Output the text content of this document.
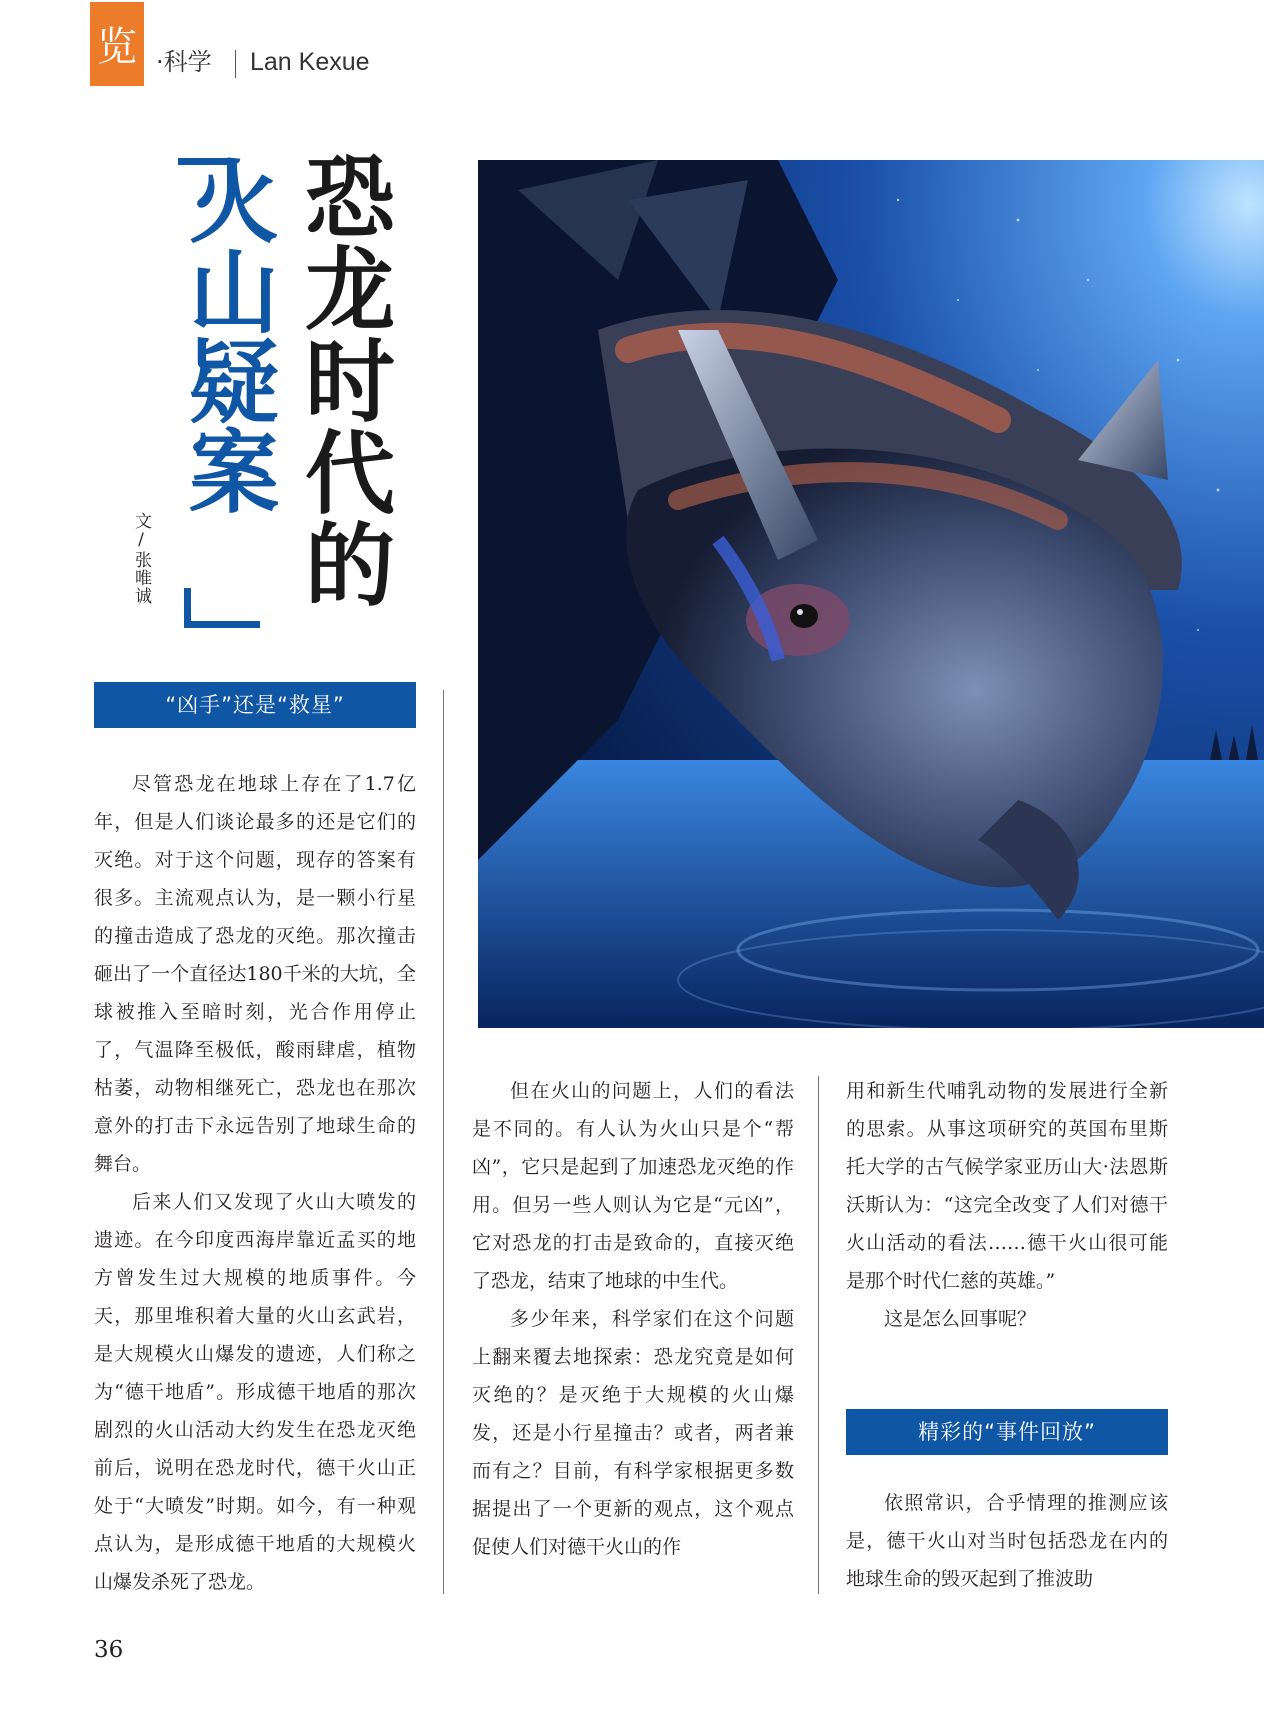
览 ·科学 Lan Kexue
恐龙时代的
火山疑案
文/张唯诚
“凶手”还是“救星”

尽管恐龙在地球上存在了1.7亿年，但是人们谈论最多的还是它们的灭绝。对于这个问题，现存的答案有很多。主流观点认为，是一颗小行星的撞击造成了恐龙的灭绝。那次撞击砸出了一个直径达180千米的大坑，全球被推入至暗时刻，光合作用停止了，气温降至极低，酸雨肆虐，植物枯萎，动物相继死亡，恐龙也在那次意外的打击下永远告别了地球生命的舞台。

后来人们又发现了火山大喷发的遗迹。在今印度西海岸靠近孟买的地方曾发生过大规模的地质事件。今天，那里堆积着大量的火山玄武岩，是大规模火山爆发的遗迹，人们称之为“德干地盾”。形成德干地盾的那次剧烈的火山活动大约发生在恐龙灭绝前后，说明在恐龙时代，德干火山正处于“大喷发”时期。如今，有一种观点认为，是形成德干地盾的大规模火山爆发杀死了恐龙。

但在火山的问题上，人们的看法是不同的。有人认为火山只是个“帮凶”，它只是起到了加速恐龙灭绝的作用。但另一些人则认为它是“元凶”，它对恐龙的打击是致命的，直接灭绝了恐龙，结束了地球的中生代。

多少年来，科学家们在这个问题上翻来覆去地探索：恐龙究竟是如何灭绝的？是灭绝于大规模的火山爆发，还是小行星撞击？或者，两者兼而有之？目前，有科学家根据更多数据提出了一个更新的观点，这个观点促使人们对德干火山的作

用和新生代哺乳动物的发展进行全新的思索。从事这项研究的英国布里斯托大学的古气候学家亚历山大·法恩斯沃斯认为：“这完全改变了人们对德干火山活动的看法……德干火山很可能是那个时代仁慈的英雄。”

这是怎么回事呢？

精彩的“事件回放”

依照常识，合乎情理的推测应该是，德干火山对当时包括恐龙在内的地球生命的毁灭起到了推波助

36
